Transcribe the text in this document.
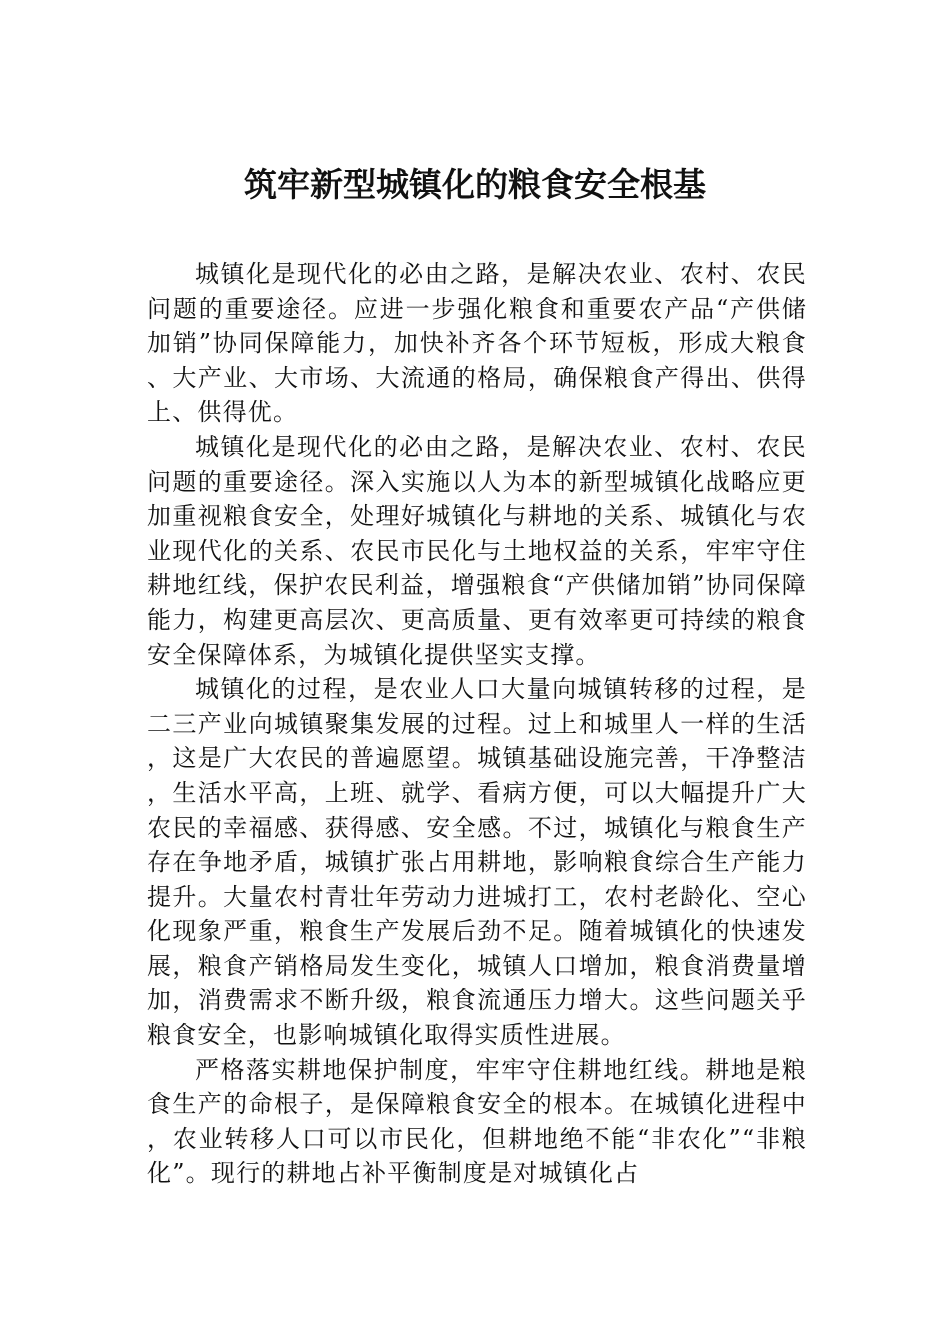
筑牢新型城镇化的粮食安全根基

城镇化是现代化的必由之路，是解决农业、农村、农民问题的重要途径。应进一步强化粮食和重要农产品“产供储加销”协同保障能力，加快补齐各个环节短板，形成大粮食、大产业、大市场、大流通的格局，确保粮食产得出、供得上、供得优。

城镇化是现代化的必由之路，是解决农业、农村、农民问题的重要途径。深入实施以人为本的新型城镇化战略应更加重视粮食安全，处理好城镇化与耕地的关系、城镇化与农业现代化的关系、农民市民化与土地权益的关系，牢牢守住耕地红线，保护农民利益，增强粮食“产供储加销”协同保障能力，构建更高层次、更高质量、更有效率更可持续的粮食安全保障体系，为城镇化提供坚实支撑。

城镇化的过程，是农业人口大量向城镇转移的过程，是二三产业向城镇聚集发展的过程。过上和城里人一样的生活，这是广大农民的普遍愿望。城镇基础设施完善，干净整洁，生活水平高，上班、就学、看病方便，可以大幅提升广大农民的幸福感、获得感、安全感。不过，城镇化与粮食生产存在争地矛盾，城镇扩张占用耕地，影响粮食综合生产能力提升。大量农村青壮年劳动力进城打工，农村老龄化、空心化现象严重，粮食生产发展后劲不足。随着城镇化的快速发展，粮食产销格局发生变化，城镇人口增加，粮食消费量增加，消费需求不断升级，粮食流通压力增大。这些问题关乎粮食安全，也影响城镇化取得实质性进展。

严格落实耕地保护制度，牢牢守住耕地红线。耕地是粮食生产的命根子，是保障粮食安全的根本。在城镇化进程中，农业转移人口可以市民化，但耕地绝不能“非农化”“非粮化”。现行的耕地占补平衡制度是对城镇化占
